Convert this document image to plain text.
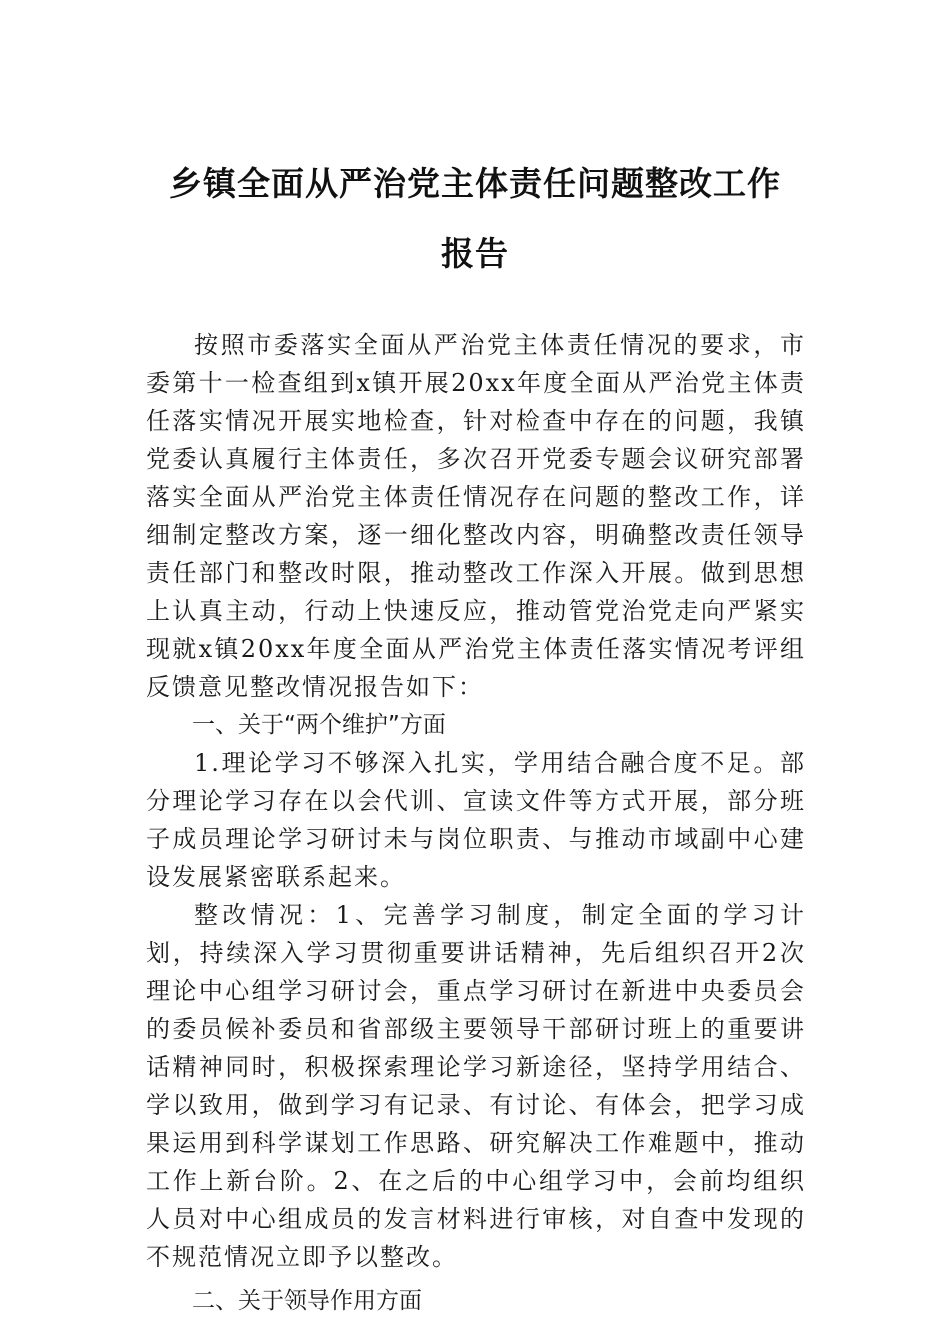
乡镇全面从严治党主体责任问题整改工作
报告

按照市委落实全面从严治党主体责任情况的要求，市委第十一检查组到x镇开展20xx年度全面从严治党主体责任落实情况开展实地检查，针对检查中存在的问题，我镇党委认真履行主体责任，多次召开党委专题会议研究部署落实全面从严治党主体责任情况存在问题的整改工作，详细制定整改方案，逐一细化整改内容，明确整改责任领导责任部门和整改时限，推动整改工作深入开展。做到思想上认真主动，行动上快速反应，推动管党治党走向严紧实现就x镇20xx年度全面从严治党主体责任落实情况考评组反馈意见整改情况报告如下：

一、关于“两个维护”方面

1.理论学习不够深入扎实，学用结合融合度不足。部分理论学习存在以会代训、宣读文件等方式开展，部分班子成员理论学习研讨未与岗位职责、与推动市域副中心建设发展紧密联系起来。

整改情况：1、完善学习制度，制定全面的学习计划，持续深入学习贯彻重要讲话精神，先后组织召开2次理论中心组学习研讨会，重点学习研讨在新进中央委员会的委员候补委员和省部级主要领导干部研讨班上的重要讲话精神同时，积极探索理论学习新途径，坚持学用结合、学以致用，做到学习有记录、有讨论、有体会，把学习成果运用到科学谋划工作思路、研究解决工作难题中，推动工作上新台阶。2、在之后的中心组学习中，会前均组织人员对中心组成员的发言材料进行审核，对自查中发现的不规范情况立即予以整改。

二、关于领导作用方面
